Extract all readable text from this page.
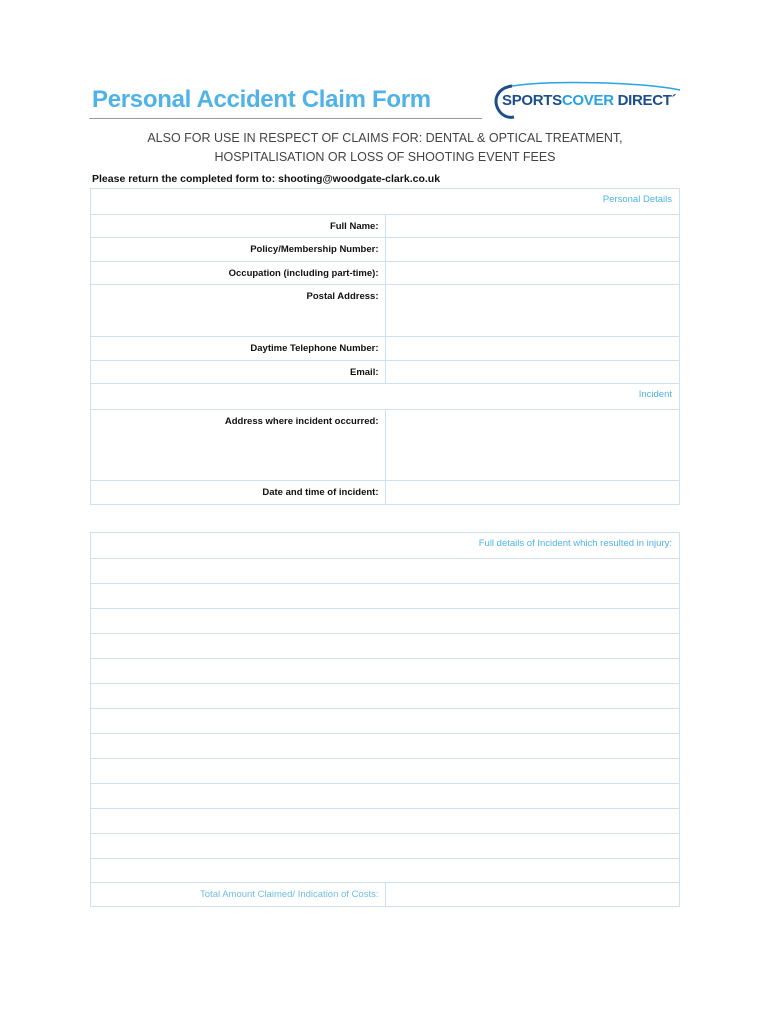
Personal Accident Claim Form	SPORTSCOVER DIRECT´
ALSO FOR USE IN RESPECT OF CLAIMS FOR: DENTAL & OPTICAL TREATMENT,
HOSPITALISATION OR LOSS OF SHOOTING EVENT FEES
Please return the completed form to: shooting@woodgate-clark.co.uk
Personal Details	
Full Name:	
Policy/Membership Number:	
Occupation (including part-time):	
Postal Address:	
Daytime Telephone Number:	
Email:	
Incident	
Address where incident occurred:	
Date and time of incident:	
Full details of Incident which resulted in injury:

Total Amount Claimed/ Indication of Costs:	
